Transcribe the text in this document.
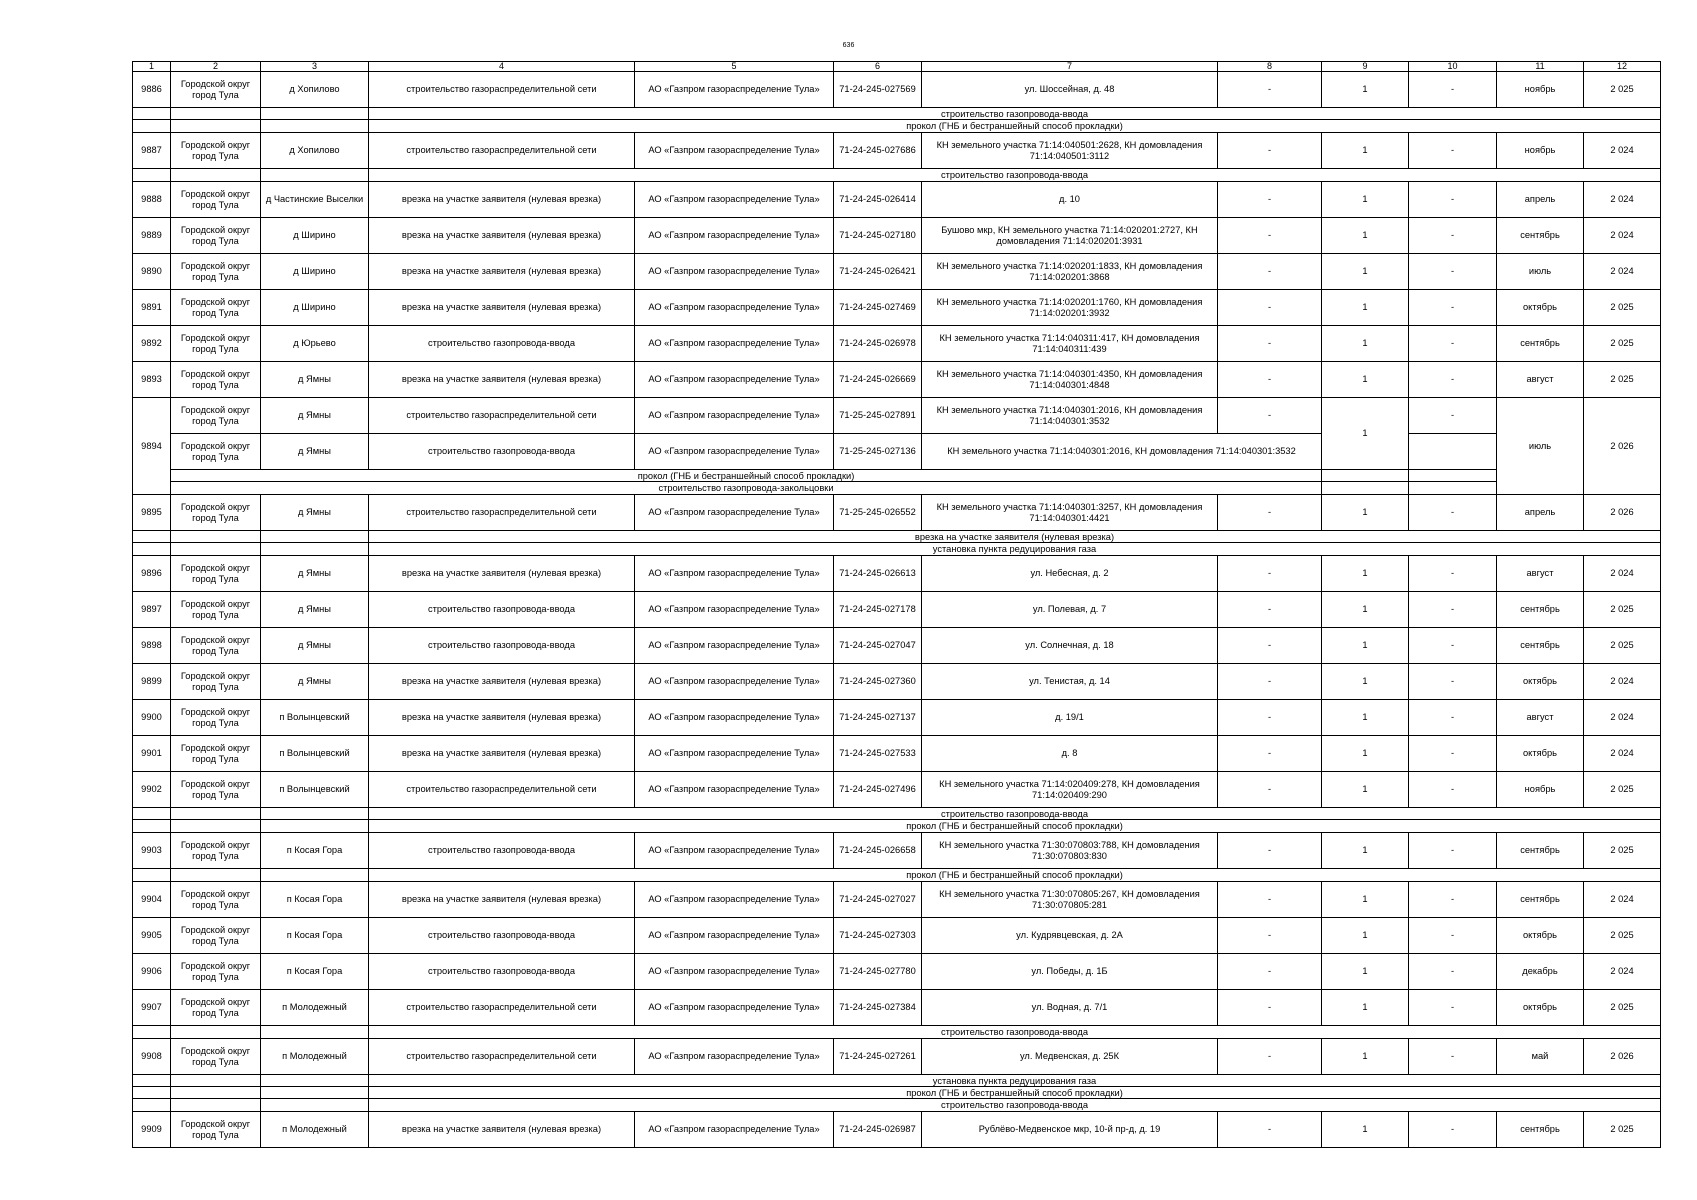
636
1	2	3	4	5	6	7	8	9	10	11	12
9886	Городской округ город Тула	д Хопилово	строительство газораспределительной сети	АО «Газпром газораспределение Тула»	71-24-245-027569	ул. Шоссейная, д. 48	-	1	-	ноябрь	2 025
			строительство газопровода-ввода								
			прокол (ГНБ и бестраншейный способ прокладки)								
9887	Городской округ город Тула	д Хопилово	строительство газораспределительной сети	АО «Газпром газораспределение Тула»	71-24-245-027686	КН земельного участка 71:14:040501:2628, КН домовладения 71:14:040501:3112	-	1	-	ноябрь	2 024
			строительство газопровода-ввода								
9888	Городской округ город Тула	д Частинские Выселки	врезка на участке заявителя (нулевая врезка)	АО «Газпром газораспределение Тула»	71-24-245-026414	д. 10	-	1	-	апрель	2 024
9889	Городской округ город Тула	д Ширино	врезка на участке заявителя (нулевая врезка)	АО «Газпром газораспределение Тула»	71-24-245-027180	Бушово мкр, КН земельного участка 71:14:020201:2727, КН домовладения 71:14:020201:3931	-	1	-	сентябрь	2 024
9890	Городской округ город Тула	д Ширино	врезка на участке заявителя (нулевая врезка)	АО «Газпром газораспределение Тула»	71-24-245-026421	КН земельного участка 71:14:020201:1833, КН домовладения 71:14:020201:3868	-	1	-	июль	2 024
9891	Городской округ город Тула	д Ширино	врезка на участке заявителя (нулевая врезка)	АО «Газпром газораспределение Тула»	71-24-245-027469	КН земельного участка 71:14:020201:1760, КН домовладения 71:14:020201:3932	-	1	-	октябрь	2 025
9892	Городской округ город Тула	д Юрьево	строительство газопровода-ввода	АО «Газпром газораспределение Тула»	71-24-245-026978	КН земельного участка 71:14:040311:417, КН домовладения 71:14:040311:439	-	1	-	сентябрь	2 025
9893	Городской округ город Тула	д Ямны	врезка на участке заявителя (нулевая врезка)	АО «Газпром газораспределение Тула»	71-24-245-026669	КН земельного участка 71:14:040301:4350, КН домовладения 71:14:040301:4848	-	1	-	август	2 025
9894	Городской округ город Тула	д Ямны	строительство газораспределительной сети	АО «Газпром газораспределение Тула»	71-25-245-027891	КН земельного участка 71:14:040301:2016, КН домовладения 71:14:040301:3532	-	1	-	июль	2 026
	Городской округ город Тула	д Ямны	строительство газопровода-ввода	АО «Газпром газораспределение Тула»	71-25-245-027136	КН земельного участка 71:14:040301:2016, КН домовладения 71:14:040301:3532					
	прокол (ГНБ и бестраншейный способ прокладки)										
	строительство газопровода-закольцовки										
9895	Городской округ город Тула	д Ямны	строительство газораспределительной сети	АО «Газпром газораспределение Тула»	71-25-245-026552	КН земельного участка 71:14:040301:3257, КН домовладения 71:14:040301:4421	-	1	-	апрель	2 026
			врезка на участке заявителя (нулевая врезка)								
			установка пункта редуцирования газа								
9896	Городской округ город Тула	д Ямны	врезка на участке заявителя (нулевая врезка)	АО «Газпром газораспределение Тула»	71-24-245-026613	ул. Небесная, д. 2	-	1	-	август	2 024
9897	Городской округ город Тула	д Ямны	строительство газопровода-ввода	АО «Газпром газораспределение Тула»	71-24-245-027178	ул. Полевая, д. 7	-	1	-	сентябрь	2 025
9898	Городской округ город Тула	д Ямны	строительство газопровода-ввода	АО «Газпром газораспределение Тула»	71-24-245-027047	ул. Солнечная, д. 18	-	1	-	сентябрь	2 025
9899	Городской округ город Тула	д Ямны	врезка на участке заявителя (нулевая врезка)	АО «Газпром газораспределение Тула»	71-24-245-027360	ул. Тенистая, д. 14	-	1	-	октябрь	2 024
9900	Городской округ город Тула	п Волынцевский	врезка на участке заявителя (нулевая врезка)	АО «Газпром газораспределение Тула»	71-24-245-027137	д. 19/1	-	1	-	август	2 024
9901	Городской округ город Тула	п Волынцевский	врезка на участке заявителя (нулевая врезка)	АО «Газпром газораспределение Тула»	71-24-245-027533	д. 8	-	1	-	октябрь	2 024
9902	Городской округ город Тула	п Волынцевский	строительство газораспределительной сети	АО «Газпром газораспределение Тула»	71-24-245-027496	КН земельного участка 71:14:020409:278, КН домовладения 71:14:020409:290	-	1	-	ноябрь	2 025
			строительство газопровода-ввода								
			прокол (ГНБ и бестраншейный способ прокладки)								
9903	Городской округ город Тула	п Косая Гора	строительство газопровода-ввода	АО «Газпром газораспределение Тула»	71-24-245-026658	КН земельного участка 71:30:070803:788, КН домовладения 71:30:070803:830	-	1	-	сентябрь	2 025
			прокол (ГНБ и бестраншейный способ прокладки)								
9904	Городской округ город Тула	п Косая Гора	врезка на участке заявителя (нулевая врезка)	АО «Газпром газораспределение Тула»	71-24-245-027027	КН земельного участка 71:30:070805:267, КН домовладения 71:30:070805:281	-	1	-	сентябрь	2 024
9905	Городской округ город Тула	п Косая Гора	строительство газопровода-ввода	АО «Газпром газораспределение Тула»	71-24-245-027303	ул. Кудрявцевская, д. 2А	-	1	-	октябрь	2 025
9906	Городской округ город Тула	п Косая Гора	строительство газопровода-ввода	АО «Газпром газораспределение Тула»	71-24-245-027780	ул. Победы, д. 1Б	-	1	-	декабрь	2 024
9907	Городской округ город Тула	п Молодежный	строительство газораспределительной сети	АО «Газпром газораспределение Тула»	71-24-245-027384	ул. Водная, д. 7/1	-	1	-	октябрь	2 025
			строительство газопровода-ввода								
9908	Городской округ город Тула	п Молодежный	строительство газораспределительной сети	АО «Газпром газораспределение Тула»	71-24-245-027261	ул. Медвенская, д. 25К	-	1	-	май	2 026
			установка пункта редуцирования газа								
			прокол (ГНБ и бестраншейный способ прокладки)								
			строительство газопровода-ввода								
9909	Городской округ город Тула	п Молодежный	врезка на участке заявителя (нулевая врезка)	АО «Газпром газораспределение Тула»	71-24-245-026987	Рублёво-Медвенское мкр, 10-й пр-д, д. 19	-	1	-	сентябрь	2 025
